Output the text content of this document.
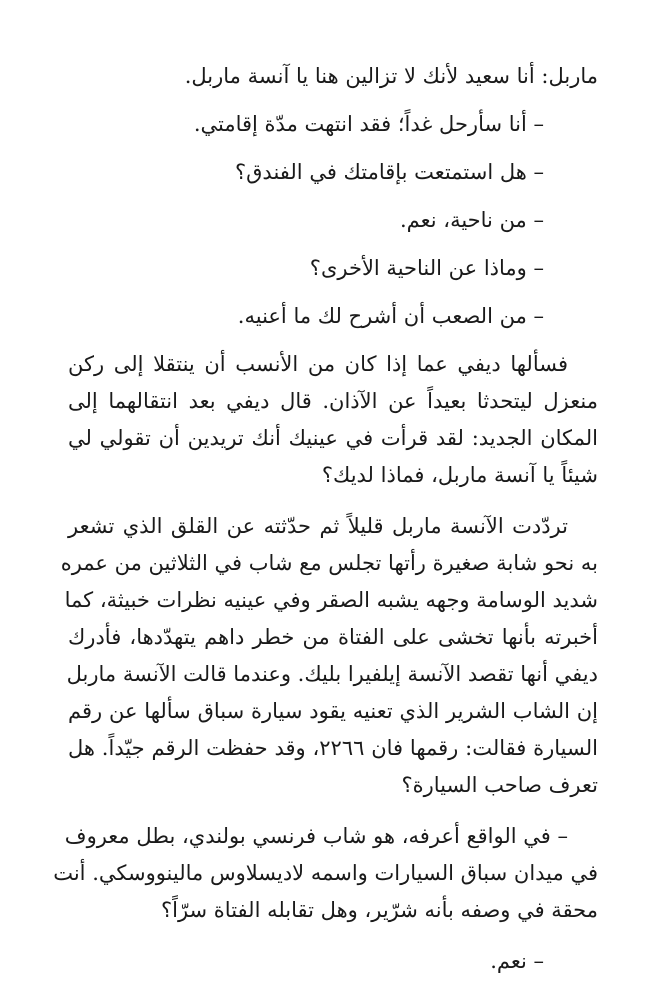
ماربل: أنا سعيد لأنك لا تزالين هنا يا آنسة ماربل.
– أنا سأرحل غداً؛ فقد انتهت مدّة إقامتي.
– هل استمتعت بإقامتك في الفندق؟
– من ناحية، نعم.
– وماذا عن الناحية الأخرى؟
– من الصعب أن أشرح لك ما أعنيه.
فسألها ديفي عما إذا كان من الأنسب أن ينتقلا إلى ركن
منعزل ليتحدثا بعيداً عن الآذان. قال ديفي بعد انتقالهما إلى
المكان الجديد: لقد قرأت في عينيك أنك تريدين أن تقولي لي
شيئاً يا آنسة ماربل، فماذا لديك؟
تردّدت الآنسة ماربل قليلاً ثم حدّثته عن القلق الذي تشعر
به نحو شابة صغيرة رأتها تجلس مع شاب في الثلاثين من عمره
شديد الوسامة وجهه يشبه الصقر وفي عينيه نظرات خبيثة، كما
أخبرته بأنها تخشى على الفتاة من خطر داهم يتهدّدها، فأدرك
ديفي أنها تقصد الآنسة إيلفيرا بليك. وعندما قالت الآنسة ماربل
إن الشاب الشرير الذي تعنيه يقود سيارة سباق سألها عن رقم
السيارة فقالت: رقمها فان ٢٢٦٦، وقد حفظت الرقم جيّداً. هل
تعرف صاحب السيارة؟
– في الواقع أعرفه، هو شاب فرنسي بولندي، بطل معروف
في ميدان سباق السيارات واسمه لاديسلاوس مالينووسكي. أنت
محقة في وصفه بأنه شرّير، وهل تقابله الفتاة سرّاً؟
– نعم.
